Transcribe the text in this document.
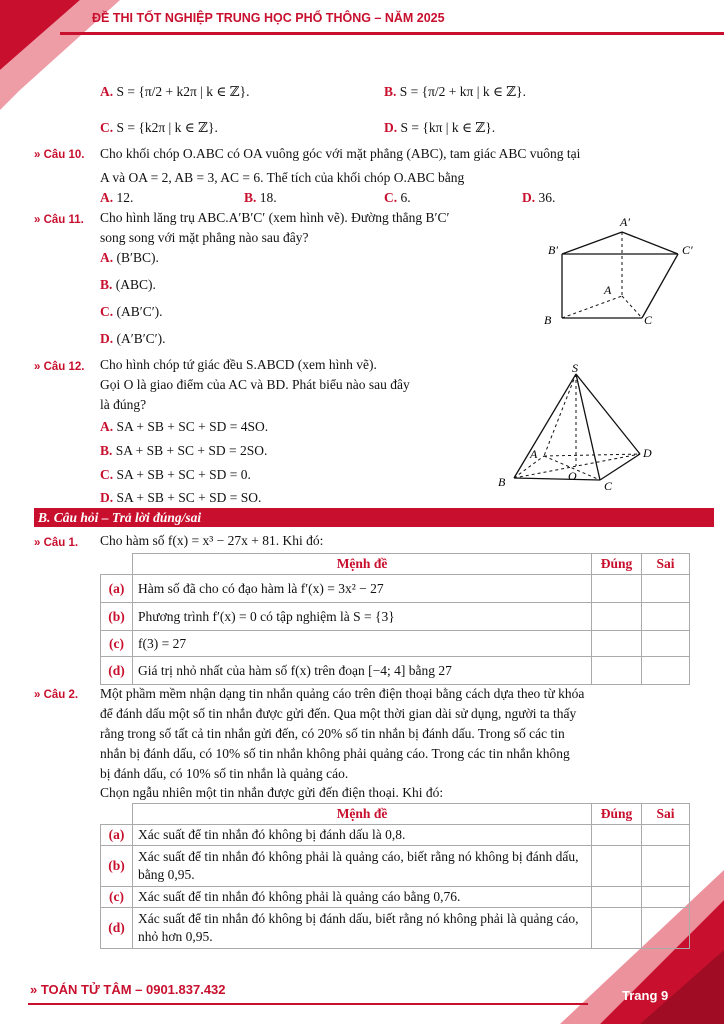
ĐỀ THI TỐT NGHIỆP TRUNG HỌC PHỔ THÔNG – NĂM 2025
A. S = {π/2 + k2π | k ∈ ℤ}.	B. S = {π/2 + kπ | k ∈ ℤ}.
C. S = {k2π | k ∈ ℤ}.	D. S = {kπ | k ∈ ℤ}.
» Câu 10. Cho khối chóp O.ABC có OA vuông góc với mặt phẳng (ABC), tam giác ABC vuông tại
A và OA = 2, AB = 3, AC = 6. Thể tích của khối chóp O.ABC bằng
A. 12.	B. 18.	C. 6.	D. 36.
» Câu 11. Cho hình lăng trụ ABC.A′B′C′ (xem hình vẽ). Đường thẳng B′C′
song song với mặt phẳng nào sau đây?
A. (B′BC).
B. (ABC).
C. (AB′C′).
D. (A′B′C′).
A′
B′	C′
A
B	C
» Câu 12. Cho hình chóp tứ giác đều S.ABCD (xem hình vẽ).
Gọi O là giao điểm của AC và BD. Phát biểu nào sau đây
là đúng?
A. SA + SB + SC + SD = 4SO.
B. SA + SB + SC + SD = 2SO.
C. SA + SB + SC + SD = 0.
D. SA + SB + SC + SD = SO.
S
A
B	C
D
O
B. Câu hỏi – Trả lời đúng/sai
» Câu 1. Cho hàm số f(x) = x³ − 27x + 81. Khi đó:
	Mệnh đề	Đúng	Sai
(a)	Hàm số đã cho có đạo hàm là f′(x) = 3x² − 27		
(b)	Phương trình f′(x) = 0 có tập nghiệm là S = {3}		
(c)	f(3) = 27		
(d)	Giá trị nhỏ nhất của hàm số f(x) trên đoạn [−4; 4] bằng 27		
» Câu 2. Một phầm mềm nhận dạng tin nhắn quảng cáo trên điện thoại bằng cách dựa theo từ khóa
để đánh dấu một số tin nhắn được gửi đến. Qua một thời gian dài sử dụng, người ta thấy
rằng trong số tất cả tin nhắn gửi đến, có 20% số tin nhắn bị đánh dấu. Trong số các tin
nhắn bị đánh dấu, có 10% số tin nhắn không phải quảng cáo. Trong các tin nhắn không
bị đánh dấu, có 10% số tin nhắn là quảng cáo.
Chọn ngẫu nhiên một tin nhắn được gửi đến điện thoại. Khi đó:
	Mệnh đề	Đúng	Sai
(a)	Xác suất để tin nhắn đó không bị đánh dấu là 0,8.		
(b)	Xác suất để tin nhắn đó không phải là quảng cáo, biết rằng nó không bị đánh dấu, bằng 0,95.		
(c)	Xác suất để tin nhắn đó không phải là quảng cáo bằng 0,76.		
(d)	Xác suất để tin nhắn đó không bị đánh dấu, biết rằng nó không phải là quảng cáo, nhỏ hơn 0,95.		
» TOÁN TỬ TÂM – 0901.837.432	Trang 9
